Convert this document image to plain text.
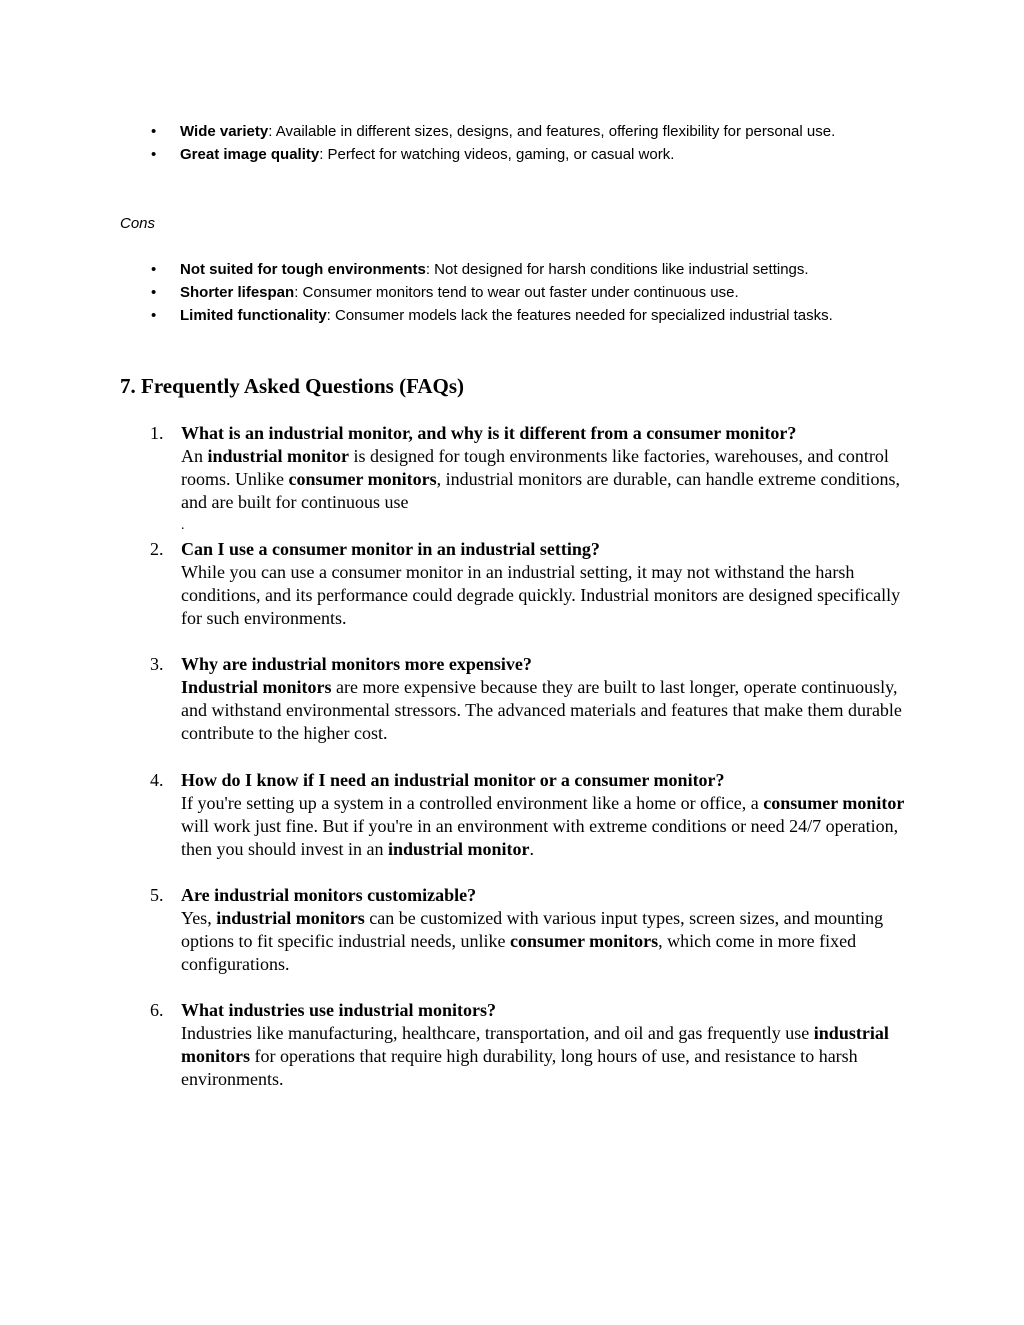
•	Wide variety: Available in different sizes, designs, and features, offering flexibility for personal use.
•	Great image quality: Perfect for watching videos, gaming, or casual work.
Cons
•	Not suited for tough environments: Not designed for harsh conditions like industrial settings.
•	Shorter lifespan: Consumer monitors tend to wear out faster under continuous use.
•	Limited functionality: Consumer models lack the features needed for specialized industrial tasks.
7. Frequently Asked Questions (FAQs)
1. What is an industrial monitor, and why is it different from a consumer monitor?
An industrial monitor is designed for tough environments like factories, warehouses, and control rooms. Unlike consumer monitors, industrial monitors are durable, can handle extreme conditions, and are built for continuous use
.
2. Can I use a consumer monitor in an industrial setting?
While you can use a consumer monitor in an industrial setting, it may not withstand the harsh conditions, and its performance could degrade quickly. Industrial monitors are designed specifically for such environments.
3. Why are industrial monitors more expensive?
Industrial monitors are more expensive because they are built to last longer, operate continuously, and withstand environmental stressors. The advanced materials and features that make them durable contribute to the higher cost.
4. How do I know if I need an industrial monitor or a consumer monitor?
If you're setting up a system in a controlled environment like a home or office, a consumer monitor will work just fine. But if you're in an environment with extreme conditions or need 24/7 operation, then you should invest in an industrial monitor.
5. Are industrial monitors customizable?
Yes, industrial monitors can be customized with various input types, screen sizes, and mounting options to fit specific industrial needs, unlike consumer monitors, which come in more fixed configurations.
6. What industries use industrial monitors?
Industries like manufacturing, healthcare, transportation, and oil and gas frequently use industrial monitors for operations that require high durability, long hours of use, and resistance to harsh environments.
